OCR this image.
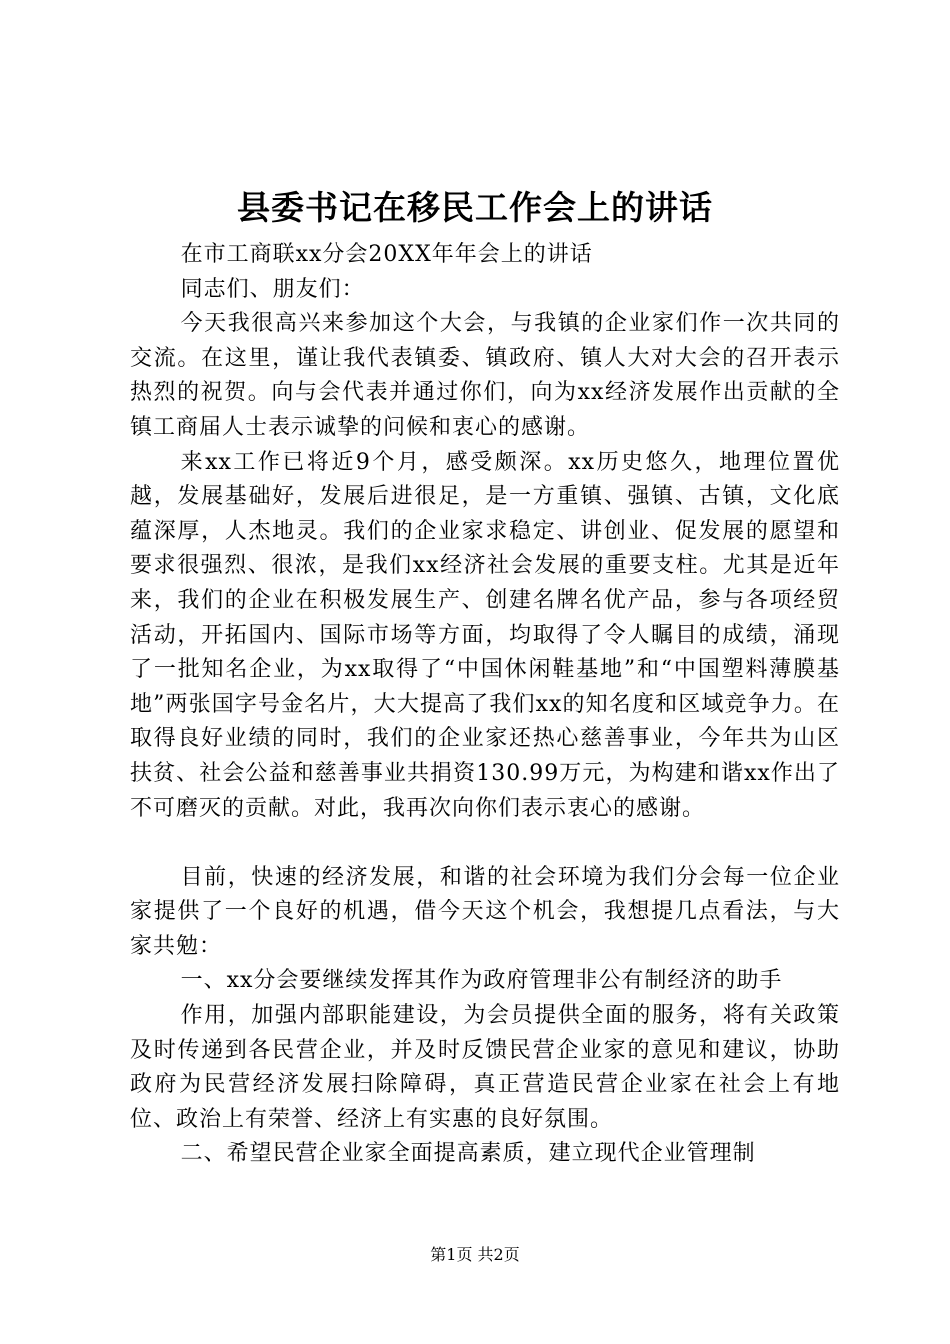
县委书记在移民工作会上的讲话

在市工商联xx分会20XX年年会上的讲话

同志们、朋友们：

今天我很高兴来参加这个大会，与我镇的企业家们作一次共同的交流。在这里，谨让我代表镇委、镇政府、镇人大对大会的召开表示热烈的祝贺。向与会代表并通过你们，向为xx经济发展作出贡献的全镇工商届人士表示诚挚的问候和衷心的感谢。

来xx工作已将近9个月，感受颇深。xx历史悠久，地理位置优越，发展基础好，发展后进很足，是一方重镇、强镇、古镇，文化底蕴深厚，人杰地灵。我们的企业家求稳定、讲创业、促发展的愿望和要求很强烈、很浓，是我们xx经济社会发展的重要支柱。尤其是近年来，我们的企业在积极发展生产、创建名牌名优产品，参与各项经贸活动，开拓国内、国际市场等方面，均取得了令人瞩目的成绩，涌现了一批知名企业，为xx取得了“中国休闲鞋基地”和“中国塑料薄膜基地”两张国字号金名片，大大提高了我们xx的知名度和区域竞争力。在取得良好业绩的同时，我们的企业家还热心慈善事业，今年共为山区扶贫、社会公益和慈善事业共捐资130.99万元，为构建和谐xx作出了不可磨灭的贡献。对此，我再次向你们表示衷心的感谢。

目前，快速的经济发展，和谐的社会环境为我们分会每一位企业家提供了一个良好的机遇，借今天这个机会，我想提几点看法，与大家共勉：

一、xx分会要继续发挥其作为政府管理非公有制经济的助手

作用，加强内部职能建设，为会员提供全面的服务，将有关政策及时传递到各民营企业，并及时反馈民营企业家的意见和建议，协助政府为民营经济发展扫除障碍，真正营造民营企业家在社会上有地位、政治上有荣誉、经济上有实惠的良好氛围。

二、希望民营企业家全面提高素质，建立现代企业管理制

第1页 共2页
